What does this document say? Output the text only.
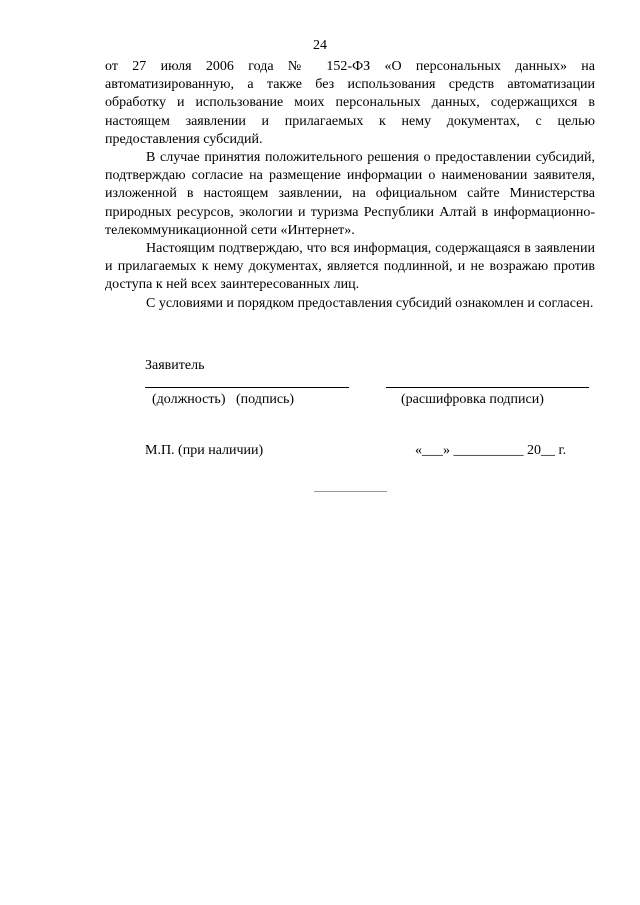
24

от 27 июля 2006 года № 152-ФЗ «О персональных данных» на автоматизированную, а также без использования средств автоматизации обработку и использование моих персональных данных, содержащихся в настоящем заявлении и прилагаемых к нему документах, с целью предоставления субсидий.

В случае принятия положительного решения о предоставлении субсидий, подтверждаю согласие на размещение информации о наименовании заявителя, изложенной в настоящем заявлении, на официальном сайте Министерства природных ресурсов, экологии и туризма Республики Алтай в информационно-телекоммуникационной сети «Интернет».

Настоящим подтверждаю, что вся информация, содержащаяся в заявлении и прилагаемых к нему документах, является подлинной, и не возражаю против доступа к ней всех заинтересованных лиц.

С условиями и порядком предоставления субсидий ознакомлен и согласен.

Заявитель
(должность)   (подпись)	(расшифровка подписи)
М.П. (при наличии)	«___» __________ 20__ г.
